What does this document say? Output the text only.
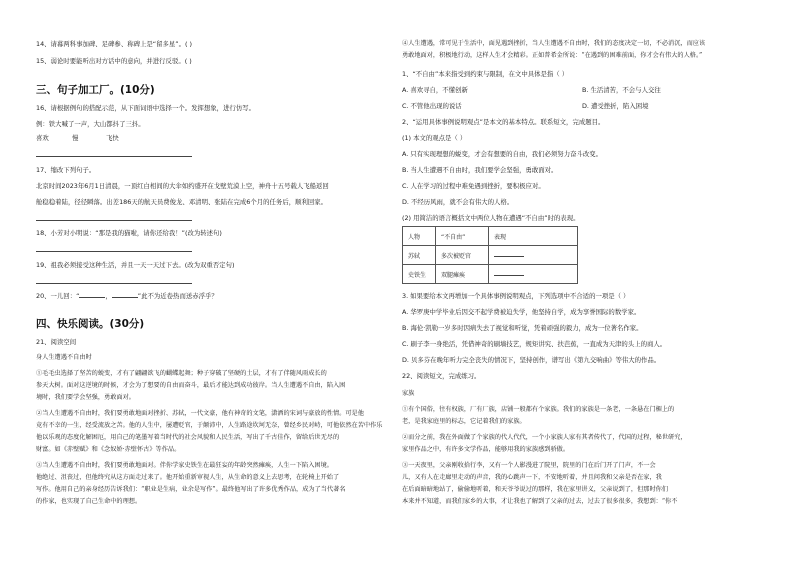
14、请幕两科事加碑、足碑参、称碑上是“留多星”。( )
15、弱论时要能听出对方话中的意向，并进行反驳。( )
三、句子加工厂。(10分)
16、请根据例句的搭配示范，从下面词语中选择一个。发挥想象，进行仿写。
例：铁大喊了一声，大山都抖了三抖。
喜欢	慢	飞快
17、缩改下列句子。
北京时间2023年6月1日清晨，一顶红白相间的大伞如约盛开在戈壁荒漠上空，神舟十五号载人飞船返回
舱稳稳着陆，径径瞬落。出差186天的航天员费俊龙、邓清明、张陆在完成6个月的任务后，顺利回家。
18、小芳对小明说：“那是我的猫啦，请你还给我！”(改为转述句)
19、祖我必须接受这种生活，并且一天一天过下去。(改为双重否定句)
20、一儿回：“	，	”此不为近卷热而送赤浮乎？
四、快乐阅读。(30分)
21、阅读空间
身人生遭遇不自由时
①毛毛虫选择了坚苦的蜕变，才有了翩翩欲飞的蝴蝶起舞；种子穿破了坚硬的土层，才有了伴随风雨成长的
参天大树。面对这逆境的时候，才会为了想要的自由而奋斗，最后才能达到成功彼岸。当人生遭遇不自由，陷入困
境时，我们要学会坚强，勇敢面对。
②当人生遭遇不自由时，我们要勇敢地面对挫折、苏轼，一代文豪，他有神奇的文笔，潇洒的宋词与豪放的性情。可是他
竟有不幸的一生，经受流放之苦。他的人生中，屡遭贬官，于颠沛中，人生路途坎坷无奈，曾经乡民对峙，可他依然在苦中作乐
他以乐观的态度化解困厄，用自己的笔墨写着当时代的社会风貌和人民生活，写出了千古佳作，留给后世无尽的
财富。如《赤壁赋》和《念奴娇·赤壁怀古》等作品。
③当人生遭遇不自由时，我们要勇敢地面对。伴你学家史铁生在最狂妄的年龄突然瘫痪，人生一下陷入困境。
他绝过、沮丧过，但他终究从这方面走过来了。他开始重新审视人生，从生命的意义上去思考，在轮椅上开始了
写作。他用自己的亲身经历告诉我们：“职业是生病，业余是写作”。最终他写出了许多优秀作品，成为了当代著名
的作家，也实现了自己生命中的理想。
④人生遭遇，常可见于生活中，面见遇到挫折，当人生遭遇不自由时，我们的态度决定一切，不必消沉，而应该
勇敢地面对，积极地行动，这样人生才会精彩。正如普希金所说：“在遇到的困难前面，你才会有伟大的人格。”
1、“不自由”本来指受到约束与限制，在文中具体是指（ ）
A. 喜欢寻自，不懂创新	B. 生活清苦，不会与人交往
C. 不管他出现的说话	D. 遭受挫折，陷入困境
2、“运用具体事例说明观点”是本文的基本特点。联系短文，完成题目。
(1) 本文的观点是（ ）
A. 只有实现理想的蜕变，才会有想要的自由，我们必须努力奋斗改变。
B. 当人生遭遇不自由时，我们要学会坚强，勇敢面对。
C. 人在学习的过程中难免遇到挫折，要积极应对。
D. 不经历风雨，就不会有伟大的人格。
(2) 用简洁的语言概括文中两位人物在遭遇“不自由”时的表现。
人物	“不自由”	表现
苏轼	多次被贬官	
史铁生	双腿瘫痪	
3. 如果要给本文再增加一个具体事例说明观点，下列选项中不合适的一项是（ ）
A. 华罗庚中学毕业后因交不起学费被迫失学，他坚持自学，成为享誉国际的数学家。
B. 海伦·凯勒一岁多时因病失去了视觉和听觉，凭着顽强的毅力，成为一位著名作家。
C. 刷子李一身绝活，凭借神奇的刷墙技艺，规矩讲究、扶芭蕉，一直成为天津的头上的商人。
D. 贝多芬在晚年听力完全丧失的情况下，坚持创作，谱写出《第九交响曲》等伟大的作品。
22、阅读短文，完成练习。
家族
①有个国俗，往有权族，厂有厂族，店铺一般都有个家族。我们的家族是一条老，一条悬在门楣上的
老，是我家庭里的标志，它记着我们的家族。
②而分之前，我在外面做了个家族的代人代代，一个小家族人家有其者传代了，代国的过程，秘世研究，
家里作品之中，有许多文学作品，能够用我的家族感到骄傲。
③一天夜里，父亲刚收拾行李，又有一个人影漫进了院里，院里的门在后门开了门声，不一会
儿，又有人在走廊里走动的声音，我的心跳声一下，不安地听着，并且问我和父亲是否在家，我
在后面暗暗地站了，偷偷地听着，和天爷爷说过的那样，我在家里讲义，父亲说到了，但那时你们
本来并不知道，而我们家乡的大事，才让我也了解到了父亲的过去，过去了很多很多，我想到：“你不
